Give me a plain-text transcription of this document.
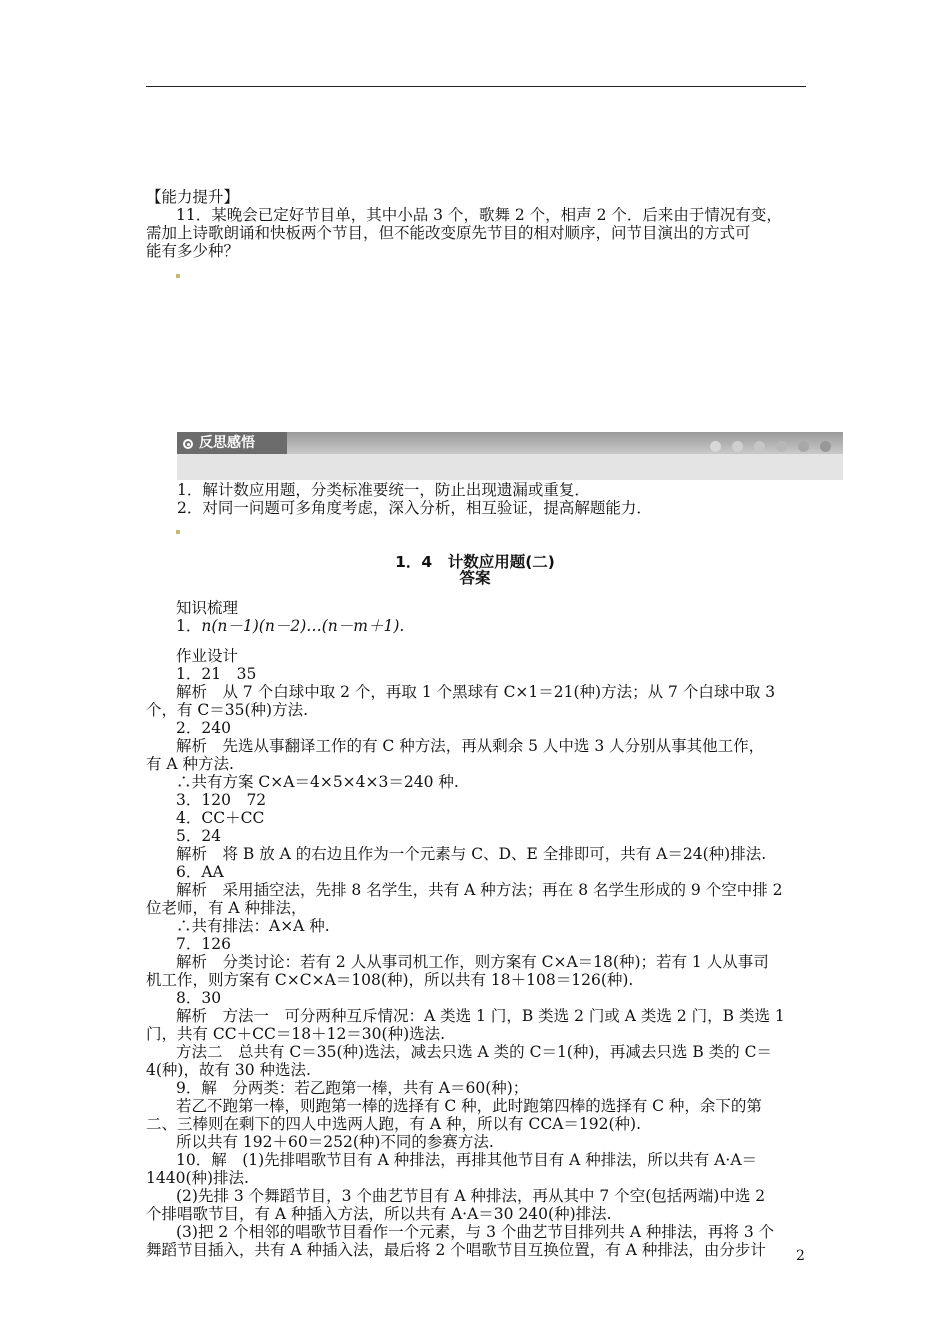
【能力提升】
11．某晚会已定好节目单，其中小品 3 个，歌舞 2 个，相声 2 个．后来由于情况有变，
需加上诗歌朗诵和快板两个节目，但不能改变原先节目的相对顺序，问节目演出的方式可
能有多少种？
反思感悟
1．解计数应用题，分类标准要统一，防止出现遗漏或重复．
2．对同一问题可多角度考虑，深入分析，相互验证，提高解题能力．
1．4　计数应用题(二)
答案
知识梳理
1．n(n－1)(n－2)…(n－m＋1).
作业设计
1．21　35
解析　从 7 个白球中取 2 个，再取 1 个黑球有 C×1＝21(种)方法；从 7 个白球中取 3
个，有 C＝35(种)方法.
2．240
解析　先选从事翻译工作的有 C 种方法，再从剩余 5 人中选 3 人分别从事其他工作，
有 A 种方法.
∴共有方案 C×A＝4×5×4×3＝240 种.
3．120　72
4．CC＋CC
5．24
解析　将 B 放 A 的右边且作为一个元素与 C、D、E 全排即可，共有 A＝24(种)排法.
6．AA
解析　采用插空法，先排 8 名学生，共有 A 种方法；再在 8 名学生形成的 9 个空中排 2
位老师，有 A 种排法，
∴共有排法：A×A 种.
7．126
解析　分类讨论：若有 2 人从事司机工作，则方案有 C×A＝18(种)；若有 1 人从事司
机工作，则方案有 C×C×A＝108(种)，所以共有 18＋108＝126(种).
8．30
解析　方法一　可分两种互斥情况：A 类选 1 门，B 类选 2 门或 A 类选 2 门，B 类选 1
门，共有 CC＋CC＝18＋12＝30(种)选法.
方法二　总共有 C＝35(种)选法，减去只选 A 类的 C＝1(种)，再减去只选 B 类的 C＝
4(种)，故有 30 种选法.
9．解　分两类：若乙跑第一棒，共有 A＝60(种)；
若乙不跑第一棒，则跑第一棒的选择有 C 种，此时跑第四棒的选择有 C 种，余下的第
二、三棒则在剩下的四人中选两人跑，有 A 种，所以有 CCA＝192(种).
所以共有 192＋60＝252(种)不同的参赛方法.
10．解　(1)先排唱歌节目有 A 种排法，再排其他节目有 A 种排法，所以共有 A·A＝
1440(种)排法.
(2)先排 3 个舞蹈节目，3 个曲艺节目有 A 种排法，再从其中 7 个空(包括两端)中选 2
个排唱歌节目，有 A 种插入方法，所以共有 A·A＝30 240(种)排法.
(3)把 2 个相邻的唱歌节目看作一个元素，与 3 个曲艺节目排列共 A 种排法，再将 3 个
舞蹈节目插入，共有 A 种插入法，最后将 2 个唱歌节目互换位置，有 A 种排法，由分步计	2
